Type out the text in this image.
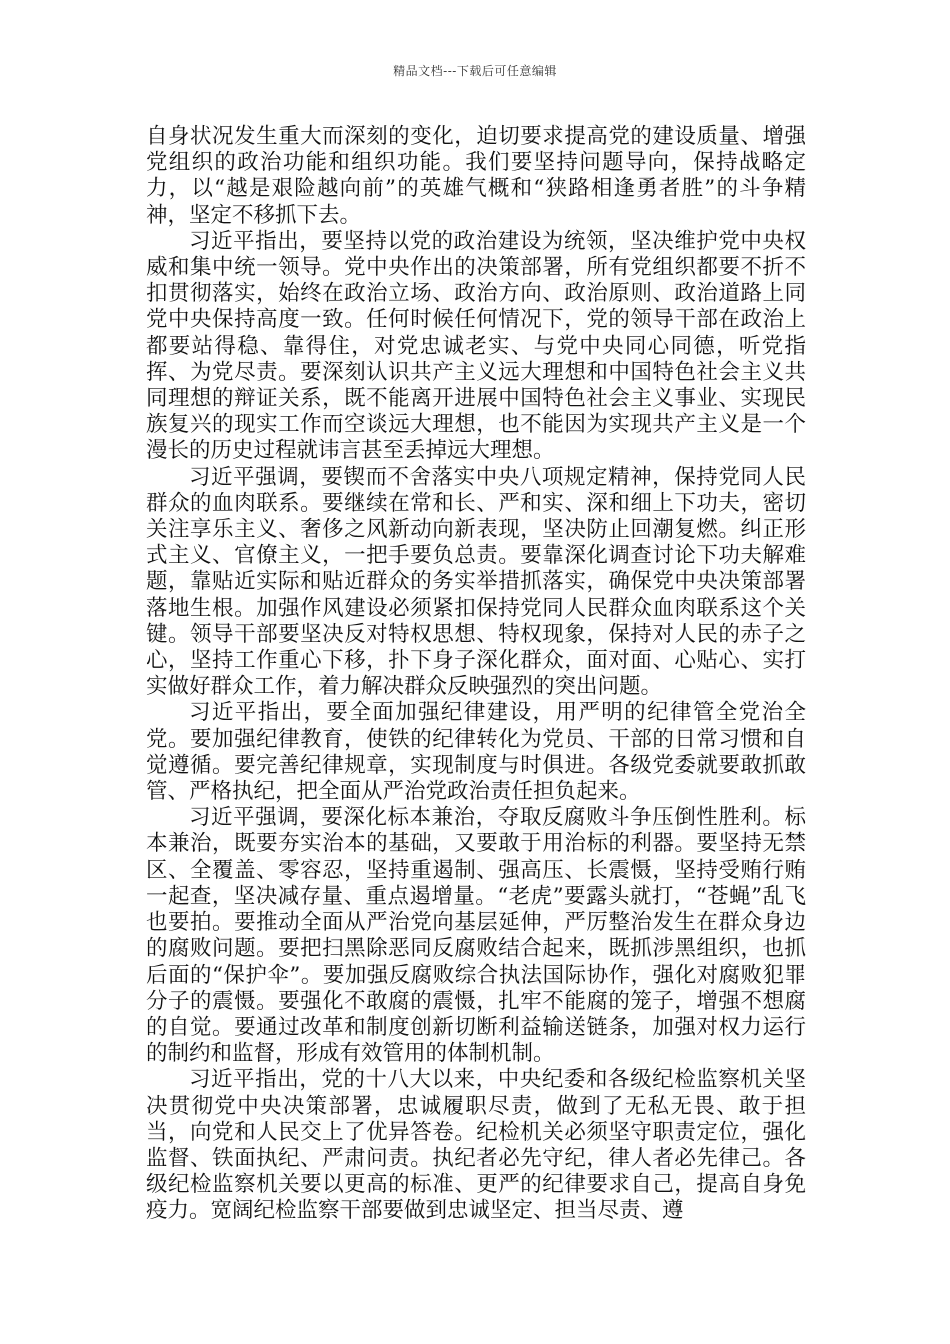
精品文档---下载后可任意编辑

自身状况发生重大而深刻的变化，迫切要求提高党的建设质量、增强党组织的政治功能和组织功能。我们要坚持问题导向，保持战略定力，以“越是艰险越向前”的英雄气概和“狭路相逢勇者胜”的斗争精神，坚定不移抓下去。

习近平指出，要坚持以党的政治建设为统领，坚决维护党中央权威和集中统一领导。党中央作出的决策部署，所有党组织都要不折不扣贯彻落实，始终在政治立场、政治方向、政治原则、政治道路上同党中央保持高度一致。任何时候任何情况下，党的领导干部在政治上都要站得稳、靠得住，对党忠诚老实、与党中央同心同德，听党指挥、为党尽责。要深刻认识共产主义远大理想和中国特色社会主义共同理想的辩证关系，既不能离开进展中国特色社会主义事业、实现民族复兴的现实工作而空谈远大理想，也不能因为实现共产主义是一个漫长的历史过程就讳言甚至丢掉远大理想。

习近平强调，要锲而不舍落实中央八项规定精神，保持党同人民群众的血肉联系。要继续在常和长、严和实、深和细上下功夫，密切关注享乐主义、奢侈之风新动向新表现，坚决防止回潮复燃。纠正形式主义、官僚主义，一把手要负总责。要靠深化调查讨论下功夫解难题，靠贴近实际和贴近群众的务实举措抓落实，确保党中央决策部署落地生根。加强作风建设必须紧扣保持党同人民群众血肉联系这个关键。领导干部要坚决反对特权思想、特权现象，保持对人民的赤子之心，坚持工作重心下移，扑下身子深化群众，面对面、心贴心、实打实做好群众工作，着力解决群众反映强烈的突出问题。

习近平指出，要全面加强纪律建设，用严明的纪律管全党治全党。要加强纪律教育，使铁的纪律转化为党员、干部的日常习惯和自觉遵循。要完善纪律规章，实现制度与时俱进。各级党委就要敢抓敢管、严格执纪，把全面从严治党政治责任担负起来。

习近平强调，要深化标本兼治，夺取反腐败斗争压倒性胜利。标本兼治，既要夯实治本的基础，又要敢于用治标的利器。要坚持无禁区、全覆盖、零容忍，坚持重遏制、强高压、长震慑，坚持受贿行贿一起查，坚决减存量、重点遏增量。“老虎”要露头就打，“苍蝇”乱飞也要拍。要推动全面从严治党向基层延伸，严厉整治发生在群众身边的腐败问题。要把扫黑除恶同反腐败结合起来，既抓涉黑组织，也抓后面的“保护伞”。要加强反腐败综合执法国际协作，强化对腐败犯罪分子的震慑。要强化不敢腐的震慑，扎牢不能腐的笼子，增强不想腐的自觉。要通过改革和制度创新切断利益输送链条，加强对权力运行的制约和监督，形成有效管用的体制机制。

习近平指出，党的十八大以来，中央纪委和各级纪检监察机关坚决贯彻党中央决策部署，忠诚履职尽责，做到了无私无畏、敢于担当，向党和人民交上了优异答卷。纪检机关必须坚守职责定位，强化监督、铁面执纪、严肃问责。执纪者必先守纪，律人者必先律己。各级纪检监察机关要以更高的标准、更严的纪律要求自己，提高自身免疫力。宽阔纪检监察干部要做到忠诚坚定、担当尽责、遵
